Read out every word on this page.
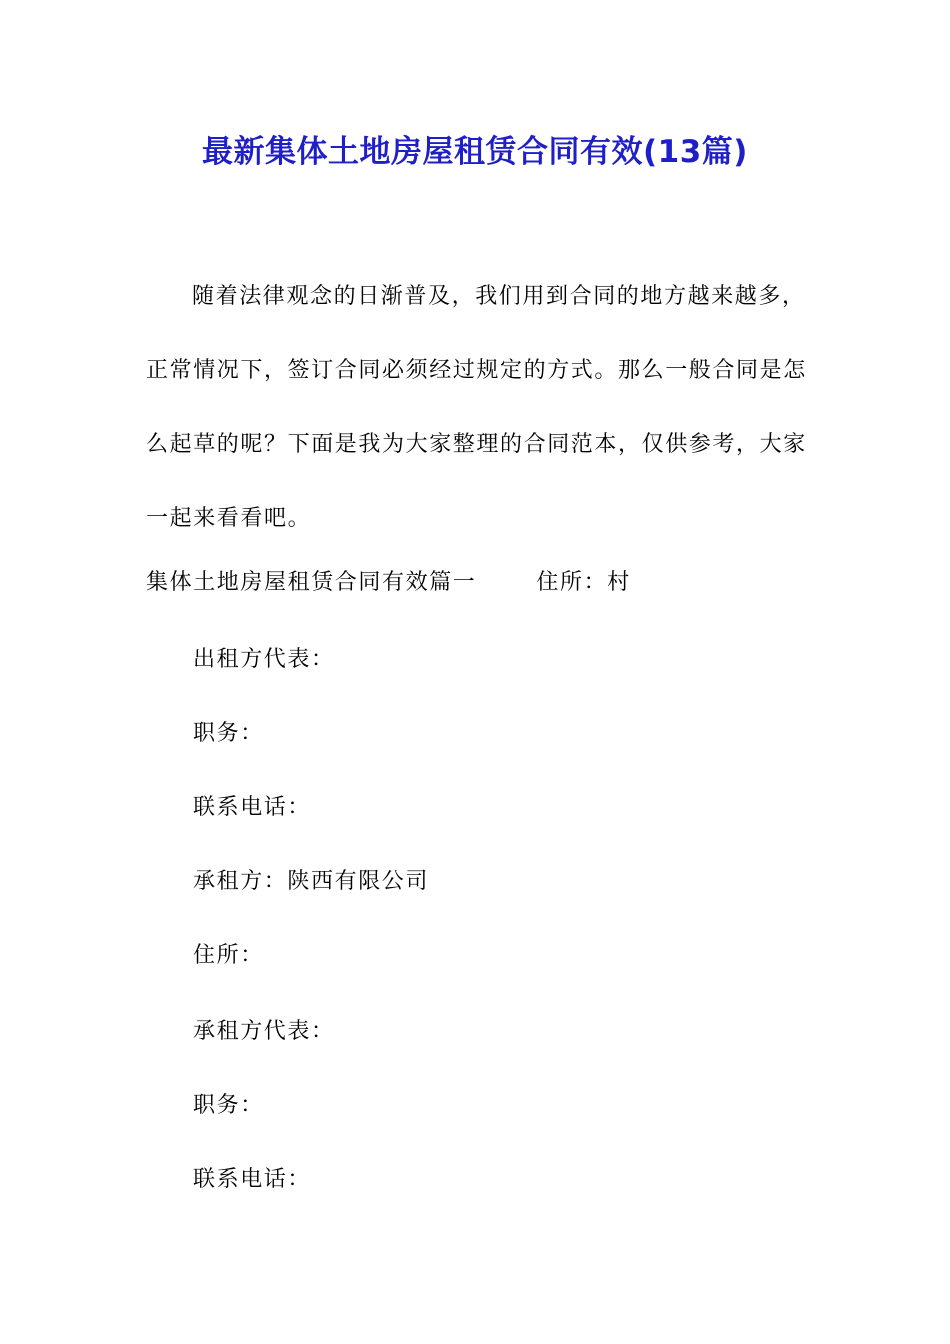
最新集体土地房屋租赁合同有效(13篇)

随着法律观念的日渐普及，我们用到合同的地方越来越多，正常情况下，签订合同必须经过规定的方式。那么一般合同是怎么起草的呢？下面是我为大家整理的合同范本，仅供参考，大家一起来看看吧。

集体土地房屋租赁合同有效篇一	住所：村

出租方代表：

职务：

联系电话：

承租方：陕西有限公司

住所：

承租方代表：

职务：

联系电话：
